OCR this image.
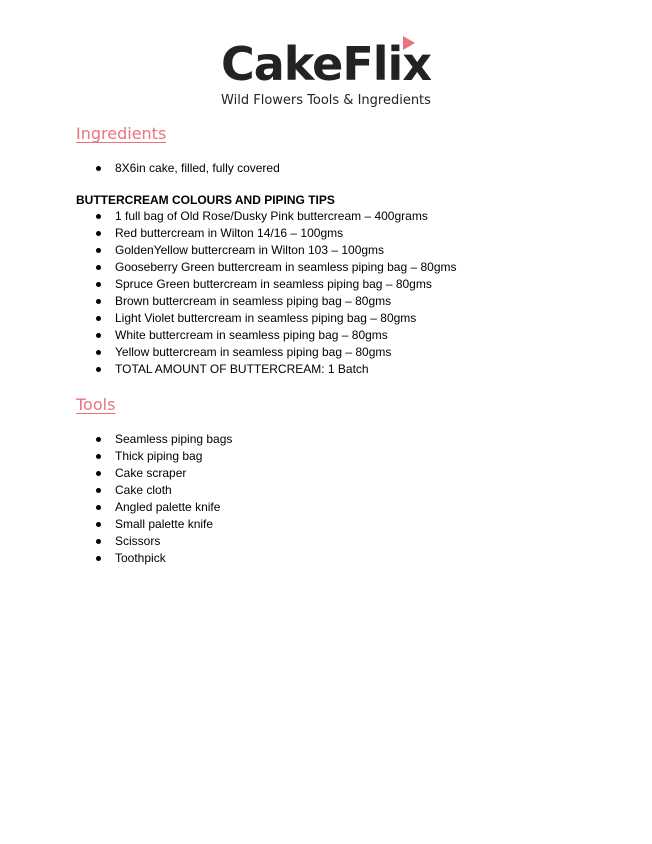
CakeFlix
Wild Flowers Tools & Ingredients
Ingredients
8X6in cake, filled, fully covered
BUTTERCREAM COLOURS AND PIPING TIPS
1 full bag of Old Rose/Dusky Pink buttercream – 400grams
Red buttercream in Wilton 14/16 – 100gms
GoldenYellow buttercream in Wilton 103 – 100gms
Gooseberry Green buttercream in seamless piping bag – 80gms
Spruce Green buttercream in seamless piping bag – 80gms
Brown buttercream in seamless piping bag – 80gms
Light Violet buttercream in seamless piping bag – 80gms
White buttercream in seamless piping bag – 80gms
Yellow buttercream in seamless piping bag – 80gms
TOTAL AMOUNT OF BUTTERCREAM: 1 Batch
Tools
Seamless piping bags
Thick piping bag
Cake scraper
Cake cloth
Angled palette knife
Small palette knife
Scissors
Toothpick
